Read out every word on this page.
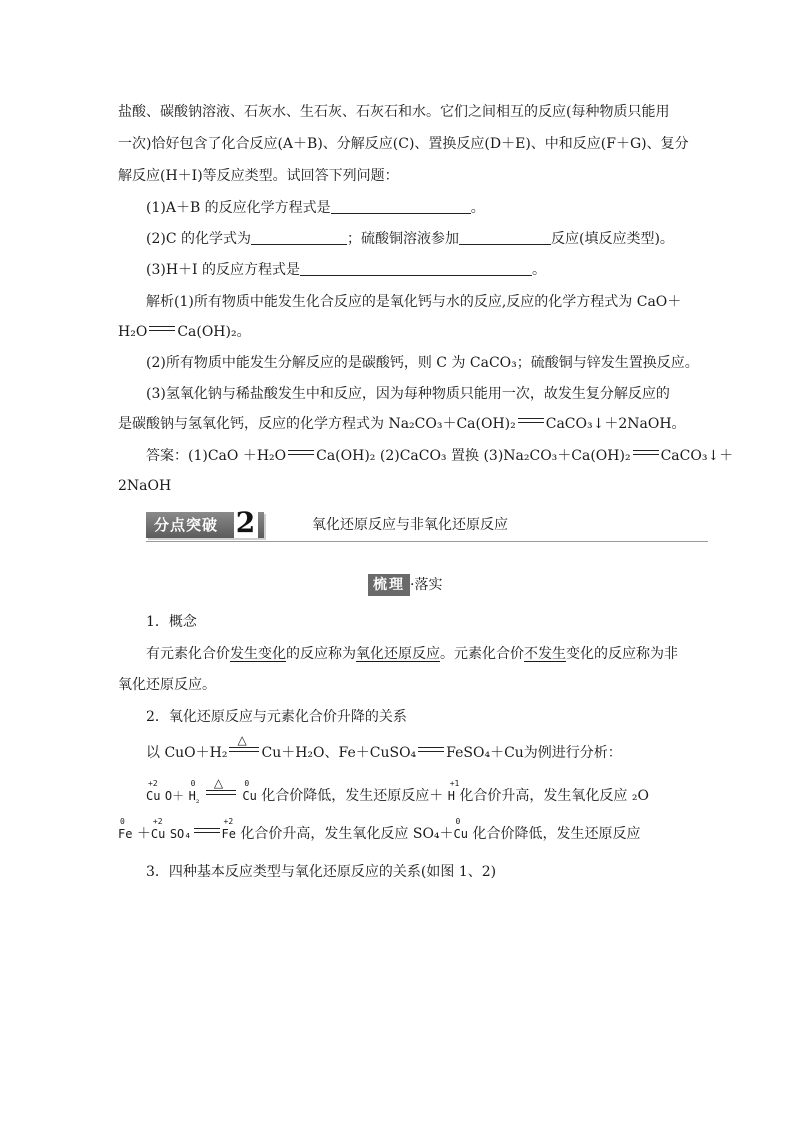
盐酸、碳酸钠溶液、石灰水、生石灰、石灰石和水。它们之间相互的反应(每种物质只能用
一次)恰好包含了化合反应(A＋B)、分解反应(C)、置换反应(D＋E)、中和反应(F＋G)、复分
解反应(H＋I)等反应类型。试回答下列问题：
(1)A＋B 的反应化学方程式是	。
(2)C 的化学式为	；硫酸铜溶液参加	反应(填反应类型)。
(3)H＋I 的反应方程式是	。
解析(1)所有物质中能发生化合反应的是氧化钙与水的反应,反应的化学方程式为 CaO＋
H₂O Ca(OH)₂。
(2)所有物质中能发生分解反应的是碳酸钙，则 C 为 CaCO₃；硫酸铜与锌发生置换反应。
(3)氢氧化钠与稀盐酸发生中和反应，因为每种物质只能用一次，故发生复分解反应的
是碳酸钠与氢氧化钙，反应的化学方程式为 Na₂CO₃＋Ca(OH)₂ CaCO₃↓＋2NaOH。
答案：(1)CaO ＋H₂O Ca(OH)₂ (2)CaCO₃ 置换 (3)Na₂CO₃＋Ca(OH)₂ CaCO₃↓＋
2NaOH
分点突破 2	氧化还原反应与非氧化还原反应
梳理 ·落实
1．概念
有元素化合价发生变化的反应称为氧化还原反应。元素化合价不发生变化的反应称为非
氧化还原反应。
2．氧化还原反应与元素化合价升降的关系
以 CuO＋H₂
△
Cu＋H₂O、Fe＋CuSO₄ FeSO₄＋Cu为例进行分析：
+2
Cu O＋
0
$H_{_2}$
△
	0
Cu 化合价降低，发生还原反应＋
+1
H 化合价升高，发生氧化反应 ₂O
0
Fe ＋
+2
Cu SO₄
+2
Fe 化合价升高，发生氧化反应 SO₄＋
0
Cu 化合价降低，发生还原反应
3．四种基本反应类型与氧化还原反应的关系(如图 1、2)
